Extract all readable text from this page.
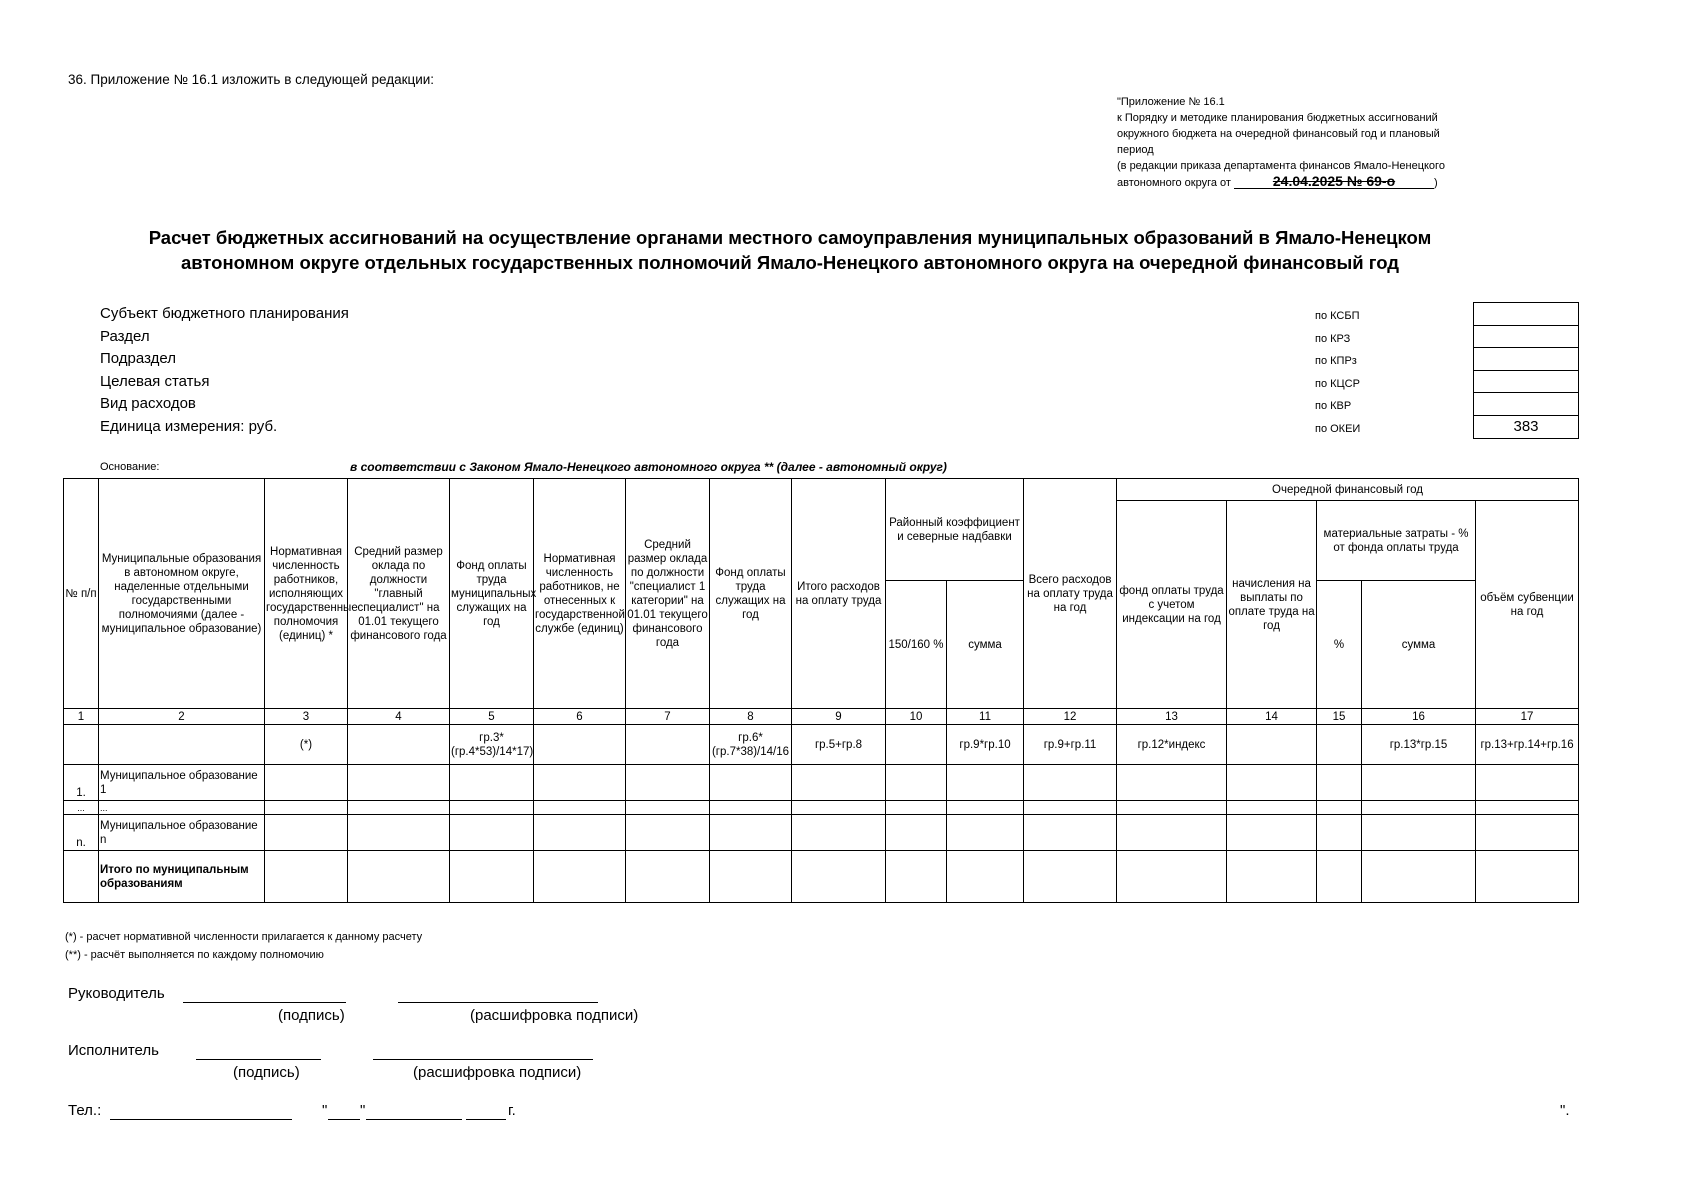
36. Приложение № 16.1 изложить в следующей редакции:
"Приложение № 16.1
к Порядку и методике планирования бюджетных ассигнований
окружного бюджета на очередной финансовый год и плановый
период
(в редакции приказа департамента финансов Ямало-Ненецкого
автономного округа от	24.04.2025 № 69-о	)
Расчет бюджетных ассигнований на осуществление органами местного самоуправления муниципальных образований в Ямало-Ненецком автономном округе отдельных государственных полномочий Ямало-Ненецкого автономного округа на очередной финансовый год
Субъект бюджетного планирования
Раздел
Подраздел
Целевая статья
Вид расходов
Единица измерения: руб.
по КСБП
по КРЗ
по КПРз
по КЦСР
по КВР
по ОКЕИ	383
Основание:	в соответствии с Законом Ямало-Ненецкого автономного округа ** (далее - автономный округ)
№ п/п	Муниципальные образования в автономном округе, наделенные отдельными государственными полномочиями (далее - муниципальное образование)	Нормативная численность работников, исполняющих государственные полномочия (единиц) *	Средний размер оклада по должности "главный специалист" на 01.01 текущего финансового года	Фонд оплаты труда муниципальных служащих на год	Нормативная численность работников, не отнесенных к государственной службе (единиц)	Средний размер оклада по должности "специалист 1 категории" на 01.01 текущего финансового года	Фонд оплаты труда служащих на год	Итого расходов на оплату труда	Районный коэффициент и северные надбавки		Всего расходов на оплату труда на год	Очередной финансовый год				
												фонд оплаты труда с учетом индексации на год	начисления на выплаты по оплате труда на год	материальные затраты - % от фонда оплаты труда		объём субвенции на год
									150/160 %	сумма				%	сумма	
1	2	3	4	5	6	7	8	9	10	11	12	13	14	15	16	17
		(*)		гр.3*(гр.4*53)/14*17)			гр.6*(гр.7*38)/14/16	гр.5+гр.8		гр.9*гр.10	гр.9+гр.11	гр.12*индекс			гр.13*гр.15	гр.13+гр.14+гр.16
1.	Муниципальное образование 1															
...	...															
n.	Муниципальное образование n															
	Итого по муниципальным образованиям															
(*) - расчет нормативной численности прилагается к данному расчету
(**) - расчёт выполняется по каждому полномочию
Руководитель
(подпись)	(расшифровка подписи)
Исполнитель
(подпись)	(расшифровка подписи)
Тел.:	" "	г.	".
